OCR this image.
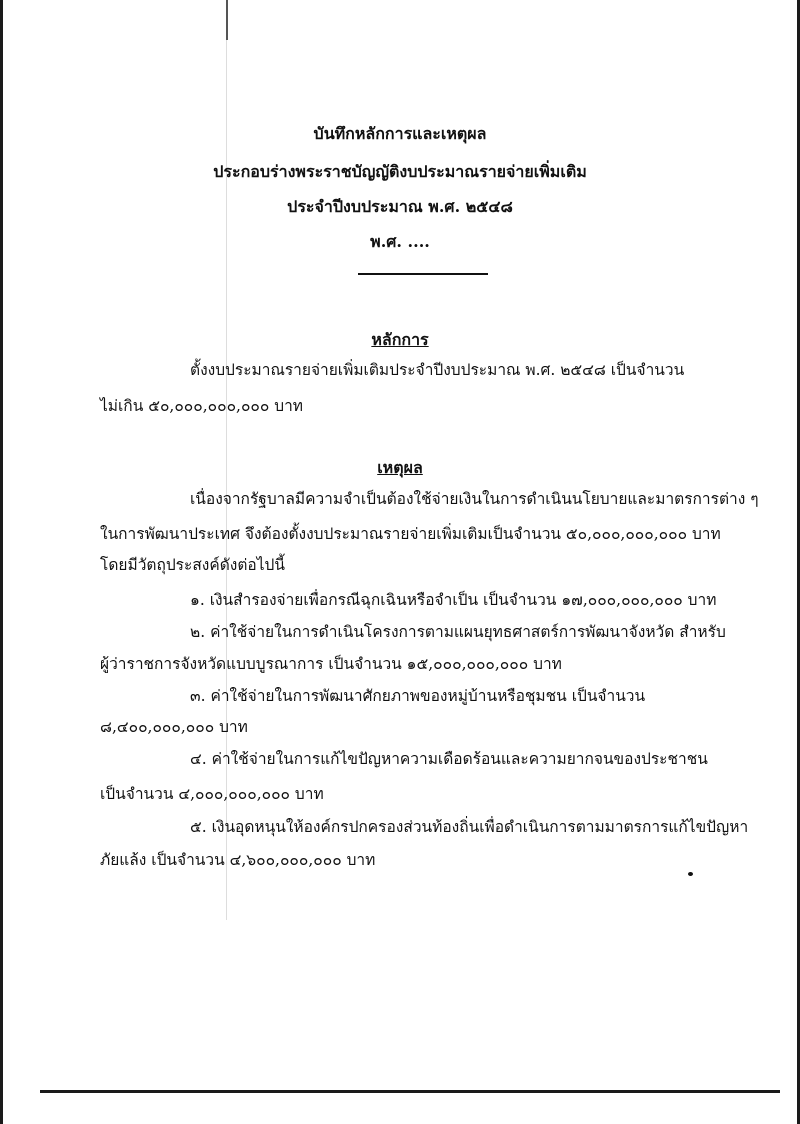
บันทึกหลักการและเหตุผล
ประกอบร่างพระราชบัญญัติงบประมาณรายจ่ายเพิ่มเติม
ประจำปีงบประมาณ พ.ศ. ๒๕๔๘
พ.ศ. ....
หลักการ
ตั้งงบประมาณรายจ่ายเพิ่มเติมประจำปีงบประมาณ พ.ศ. ๒๕๔๘ เป็นจำนวน
ไม่เกิน ๕๐,๐๐๐,๐๐๐,๐๐๐ บาท
เหตุผล
เนื่องจากรัฐบาลมีความจำเป็นต้องใช้จ่ายเงินในการดำเนินนโยบายและมาตรการต่าง ๆ
ในการพัฒนาประเทศ จึงต้องตั้งงบประมาณรายจ่ายเพิ่มเติมเป็นจำนวน ๕๐,๐๐๐,๐๐๐,๐๐๐ บาท
โดยมีวัตถุประสงค์ดังต่อไปนี้
๑. เงินสำรองจ่ายเพื่อกรณีฉุกเฉินหรือจำเป็น เป็นจำนวน ๑๗,๐๐๐,๐๐๐,๐๐๐ บาท
๒. ค่าใช้จ่ายในการดำเนินโครงการตามแผนยุทธศาสตร์การพัฒนาจังหวัด สำหรับ
ผู้ว่าราชการจังหวัดแบบบูรณาการ เป็นจำนวน ๑๕,๐๐๐,๐๐๐,๐๐๐ บาท
๓. ค่าใช้จ่ายในการพัฒนาศักยภาพของหมู่บ้านหรือชุมชน เป็นจำนวน
๘,๔๐๐,๐๐๐,๐๐๐ บาท
๔. ค่าใช้จ่ายในการแก้ไขปัญหาความเดือดร้อนและความยากจนของประชาชน
เป็นจำนวน ๔,๐๐๐,๐๐๐,๐๐๐ บาท
๕. เงินอุดหนุนให้องค์กรปกครองส่วนท้องถิ่นเพื่อดำเนินการตามมาตรการแก้ไขปัญหา
ภัยแล้ง เป็นจำนวน ๔,๖๐๐,๐๐๐,๐๐๐ บาท
